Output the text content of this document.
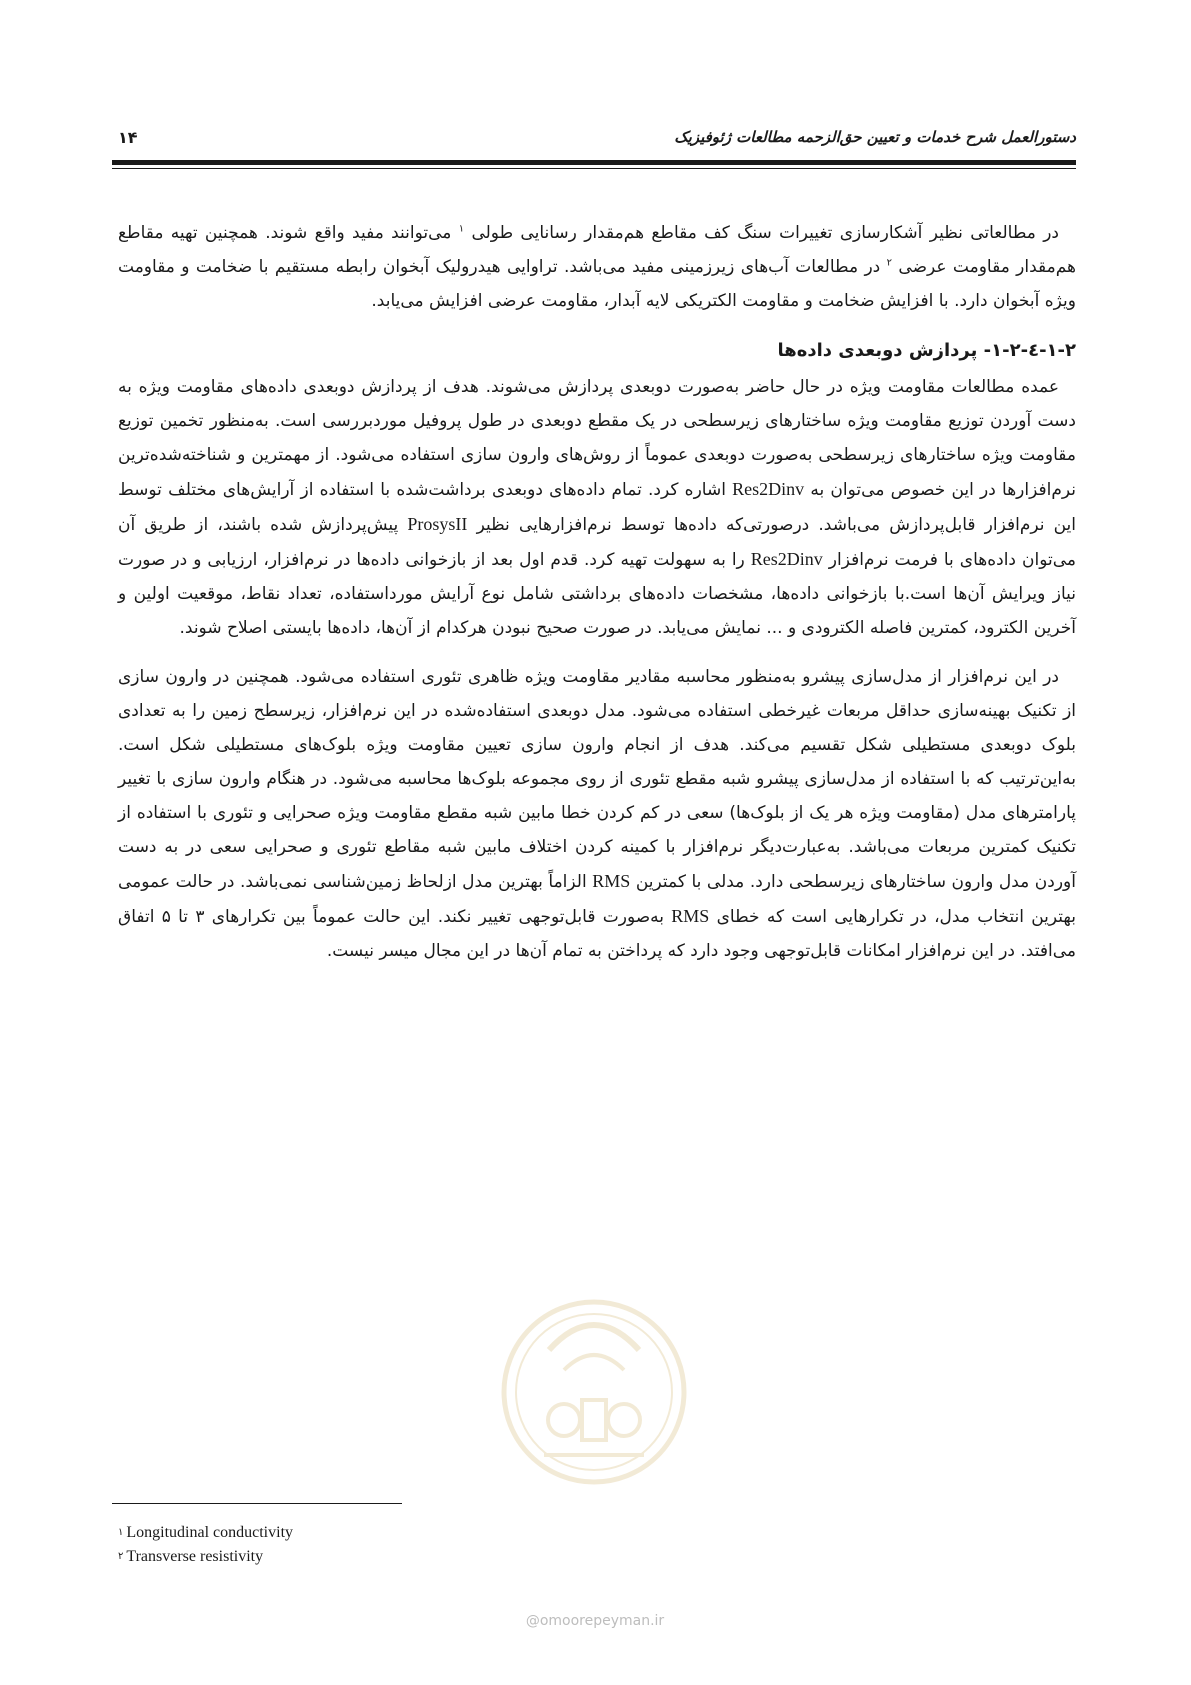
دستورالعمل شرح خدمات و تعیین حق‌الزحمه مطالعات ژئوفیزیک
۱۴

در مطالعاتی نظیر آشکارسازی تغییرات سنگ کف مقاطع هم‌مقدار رسانایی طولی $^۱$ می‌توانند مفید واقع شوند. همچنین تهیه مقاطع هم‌مقدار مقاومت عرضی $^۲$ در مطالعات آب‌های زیرزمینی مفید می‌باشد. تراوایی هیدرولیک آبخوان رابطه مستقیم با ضخامت و مقاومت ویژه آبخوان دارد. با افزایش ضخامت و مقاومت الکتریکی لایه آبدار، مقاومت عرضی افزایش می‌یابد.

۱-۲-٤-۱-۲- پردازش دوبعدی داده‌ها

عمده مطالعات مقاومت ویژه در حال حاضر به‌صورت دوبعدی پردازش می‌شوند. هدف از پردازش دوبعدی داده‌های مقاومت ویژه به دست آوردن توزیع مقاومت ویژه ساختارهای زیرسطحی در یک مقطع دوبعدی در طول پروفیل موردبررسی است. به‌منظور تخمین توزیع مقاومت ویژه ساختارهای زیرسطحی به‌صورت دوبعدی عموماً از روش‌های وارون سازی استفاده می‌شود. از مهمترین و شناخته‌شده‌ترین نرم‌افزارها در این خصوص می‌توان به Res2Dinv اشاره کرد. تمام داده‌های دوبعدی برداشت‌شده با استفاده از آرایش‌های مختلف توسط این نرم‌افزار قابل‌پردازش می‌باشد. درصورتی‌که داده‌ها توسط نرم‌افزارهایی نظیر ProsysII پیش‌پردازش شده باشند، از طریق آن می‌توان داده‌های با فرمت نرم‌افزار Res2Dinv را به سهولت تهیه کرد. قدم اول بعد از بازخوانی داده‌ها در نرم‌افزار، ارزیابی و در صورت نیاز ویرایش آن‌ها است.با بازخوانی داده‌ها، مشخصات داده‌های برداشتی شامل نوع آرایش مورداستفاده، تعداد نقاط، موقعیت اولین و آخرین الکترود، کمترین فاصله الکترودی و ... نمایش می‌یابد. در صورت صحیح نبودن هرکدام از آن‌ها، داده‌ها بایستی اصلاح شوند.

در این نرم‌افزار از مدل‌سازی پیشرو به‌منظور محاسبه مقادیر مقاومت ویژه ظاهری تئوری استفاده می‌شود. همچنین در وارون سازی از تکنیک بهینه‌سازی حداقل مربعات غیرخطی استفاده می‌شود. مدل دوبعدی استفاده‌شده در این نرم‌افزار، زیرسطح زمین را به تعدادی بلوک دوبعدی مستطیلی شکل تقسیم می‌کند. هدف از انجام وارون سازی تعیین مقاومت ویژه بلوک‌های مستطیلی شکل است. به‌این‌ترتیب که با استفاده از مدل‌سازی پیشرو شبه مقطع تئوری از روی مجموعه بلوک‌ها محاسبه می‌شود. در هنگام وارون سازی با تغییر پارامترهای مدل (مقاومت ویژه هر یک از بلوک‌ها) سعی در کم کردن خطا مابین شبه مقطع مقاومت ویژه صحرایی و تئوری با استفاده از تکنیک کمترین مربعات می‌باشد. به‌عبارت‌دیگر نرم‌افزار با کمینه کردن اختلاف مابین شبه مقاطع تئوری و صحرایی سعی در به دست آوردن مدل وارون ساختارهای زیرسطحی دارد. مدلی با کمترین RMS الزاماً بهترین مدل ازلحاظ زمین‌شناسی نمی‌باشد. در حالت عمومی بهترین انتخاب مدل، در تکرارهایی است که خطای RMS به‌صورت قابل‌توجهی تغییر نکند. این حالت عموماً بین تکرارهای ۳ تا ۵ اتفاق می‌افتد. در این نرم‌افزار امکانات قابل‌توجهی وجود دارد که پرداختن به تمام آن‌ها در این مجال میسر نیست.

@omoorepeyman.ir
$^۱$ Longitudinal conductivity
$^۲$ Transverse resistivity
